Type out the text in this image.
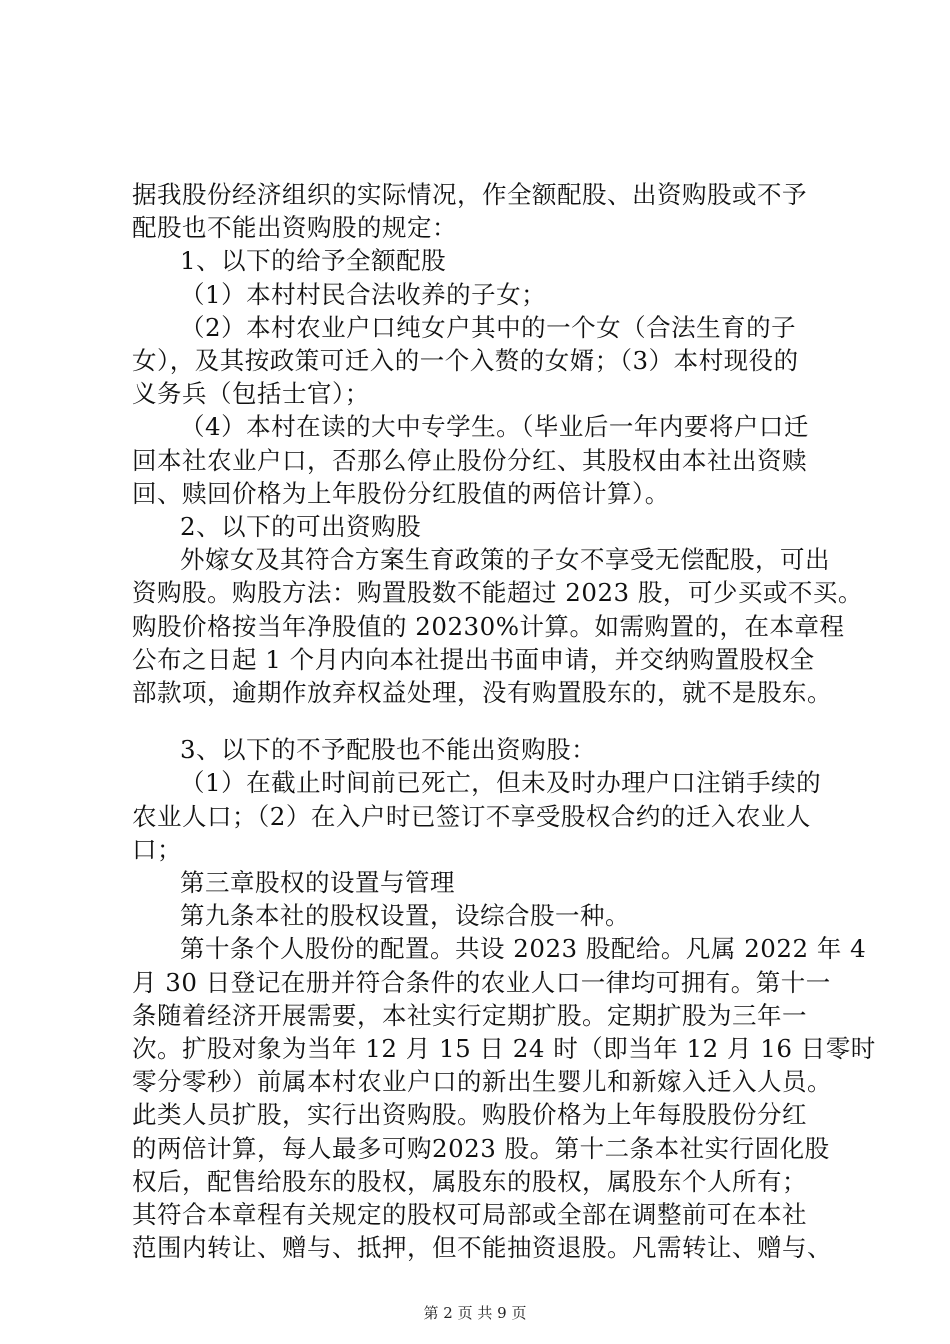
据我股份经济组织的实际情况，作全额配股、出资购股或不予
配股也不能出资购股的规定：
1、以下的给予全额配股
（1）本村村民合法收养的子女；
（2）本村农业户口纯女户其中的一个女（合法生育的子
女），及其按政策可迁入的一个入赘的女婿；（3）本村现役的
义务兵（包括士官）；
（4）本村在读的大中专学生。（毕业后一年内要将户口迁
回本社农业户口，否那么停止股份分红、其股权由本社出资赎
回、赎回价格为上年股份分红股值的两倍计算）。
2、以下的可出资购股
外嫁女及其符合方案生育政策的子女不享受无偿配股，可出
资购股。购股方法：购置股数不能超过 2023 股，可少买或不买。
购股价格按当年净股值的 20230%计算。如需购置的，在本章程
公布之日起 1 个月内向本社提出书面申请，并交纳购置股权全
部款项，逾期作放弃权益处理，没有购置股东的，就不是股东。
3、以下的不予配股也不能出资购股：
（1）在截止时间前已死亡，但未及时办理户口注销手续的
农业人口；（2）在入户时已签订不享受股权合约的迁入农业人
口；
第三章股权的设置与管理
第九条本社的股权设置，设综合股一种。
第十条个人股份的配置。共设 2023 股配给。凡属 2022 年 4
月 30 日登记在册并符合条件的农业人口一律均可拥有。第十一
条随着经济开展需要，本社实行定期扩股。定期扩股为三年一
次。扩股对象为当年 12 月 15 日 24 时（即当年 12 月 16 日零时
零分零秒）前属本村农业户口的新出生婴儿和新嫁入迁入人员。
此类人员扩股，实行出资购股。购股价格为上年每股股份分红
的两倍计算，每人最多可购2023 股。第十二条本社实行固化股
权后，配售给股东的股权，属股东的股权，属股东个人所有；
其符合本章程有关规定的股权可局部或全部在调整前可在本社
范围内转让、赠与、抵押，但不能抽资退股。凡需转让、赠与、
第 2 页 共 9 页
